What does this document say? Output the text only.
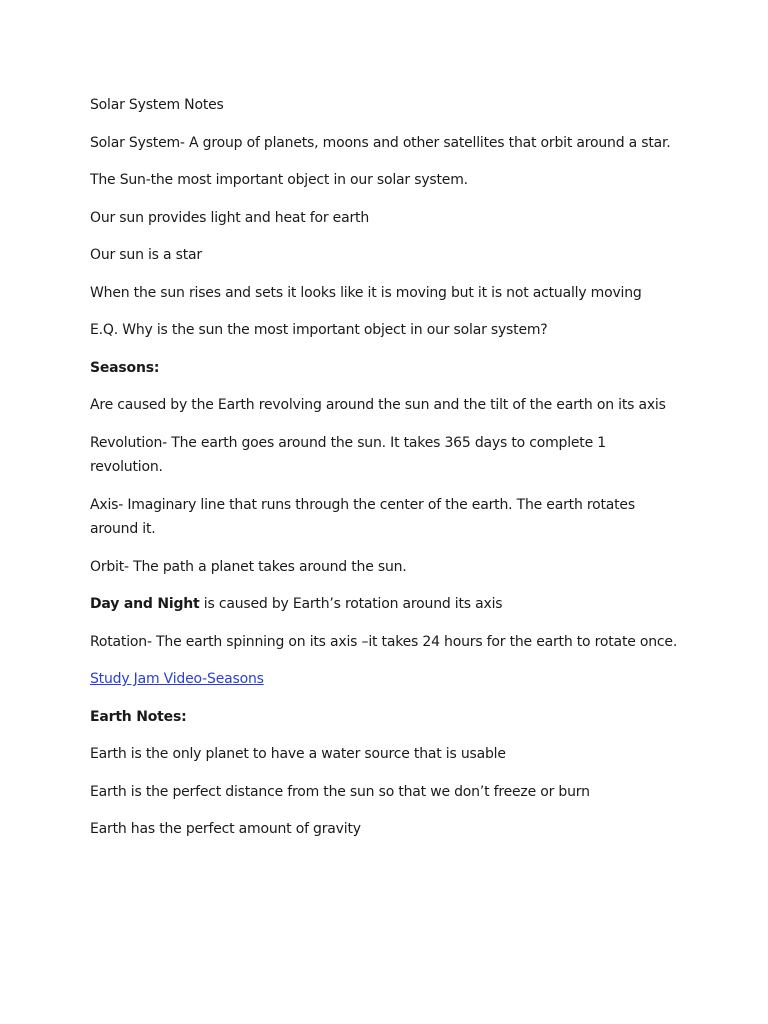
Solar System Notes

Solar System- A group of planets, moons and other satellites that orbit around a star.

The Sun-the most important object in our solar system.

Our sun provides light and heat for earth

Our sun is a star

When the sun rises and sets it looks like it is moving but it is not actually moving

E.Q. Why is the sun the most important object in our solar system?

Seasons:

Are caused by the Earth revolving around the sun and the tilt of the earth on its axis

Revolution- The earth goes around the sun. It takes 365 days to complete 1 revolution.

Axis- Imaginary line that runs through the center of the earth. The earth rotates around it.

Orbit- The path a planet takes around the sun.

Day and Night is caused by Earth’s rotation around its axis

Rotation- The earth spinning on its axis –it takes 24 hours for the earth to rotate once.

Study Jam Video-Seasons

Earth Notes:

Earth is the only planet to have a water source that is usable

Earth is the perfect distance from the sun so that we don’t freeze or burn

Earth has the perfect amount of gravity
